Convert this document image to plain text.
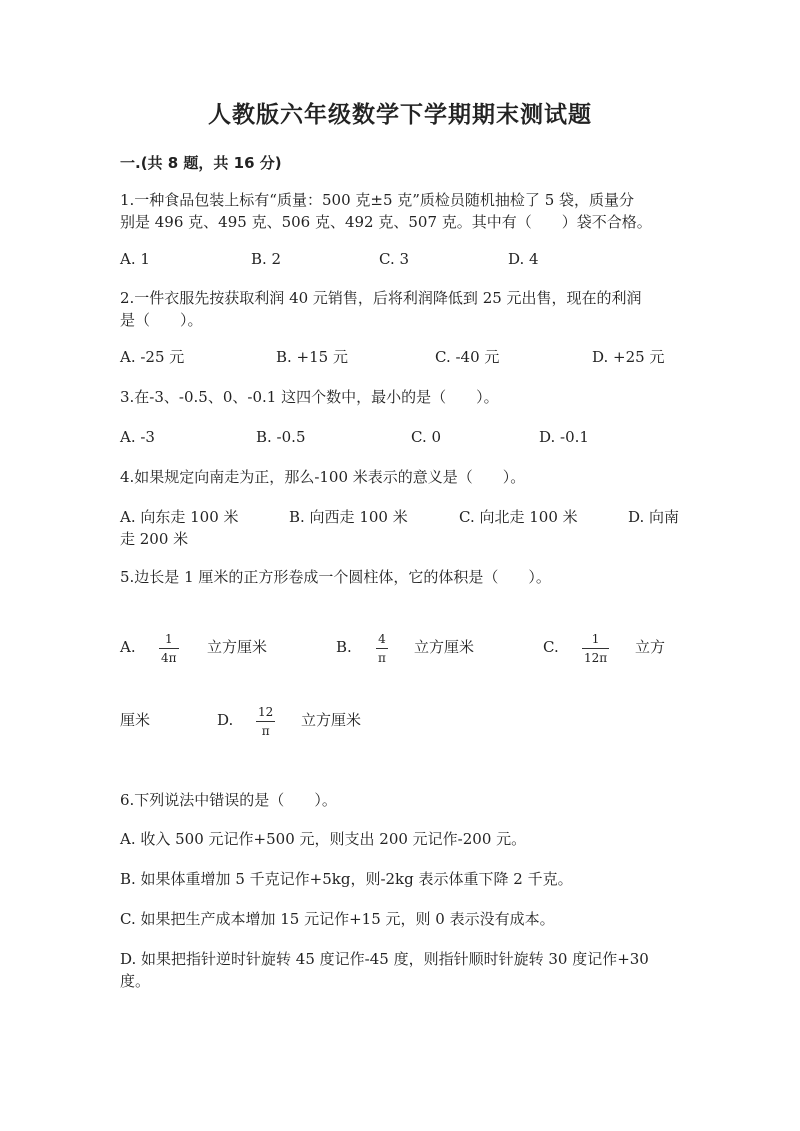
人教版六年级数学下学期期末测试题
一.(共 8 题，共 16 分)
1.一种食品包装上标有“质量：500 克±5 克”质检员随机抽检了 5 袋，质量分
别是 496 克、495 克、506 克、492 克、507 克。其中有（　　）袋不合格。
A. 1	B. 2	C. 3	D. 4
2.一件衣服先按获取利润 40 元销售，后将利润降低到 25 元出售，现在的利润
是（　　）。
A. -25 元	B. +15 元	C. -40 元	D. +25 元
3.在-3、-0.5、0、-0.1 这四个数中，最小的是（　　）。
A. -3	B. -0.5	C. 0	D. -0.1
4.如果规定向南走为正，那么-100 米表示的意义是（　　）。
A. 向东走 100 米	B. 向西走 100 米	C. 向北走 100 米	D. 向南
走 200 米
5.边长是 1 厘米的正方形卷成一个圆柱体，它的体积是（　　）。
A. 1
4π
立方厘米	B. 4
π
立方厘米	C.	1
12π
立方
厘米	D. 12
π
立方厘米
6.下列说法中错误的是（　　）。
A. 收入 500 元记作+500 元，则支出 200 元记作-200 元。
B. 如果体重增加 5 千克记作+5kg，则-2kg 表示体重下降 2 千克。
C. 如果把生产成本增加 15 元记作+15 元，则 0 表示没有成本。
D. 如果把指针逆时针旋转 45 度记作-45 度，则指针顺时针旋转 30 度记作+30
度。
